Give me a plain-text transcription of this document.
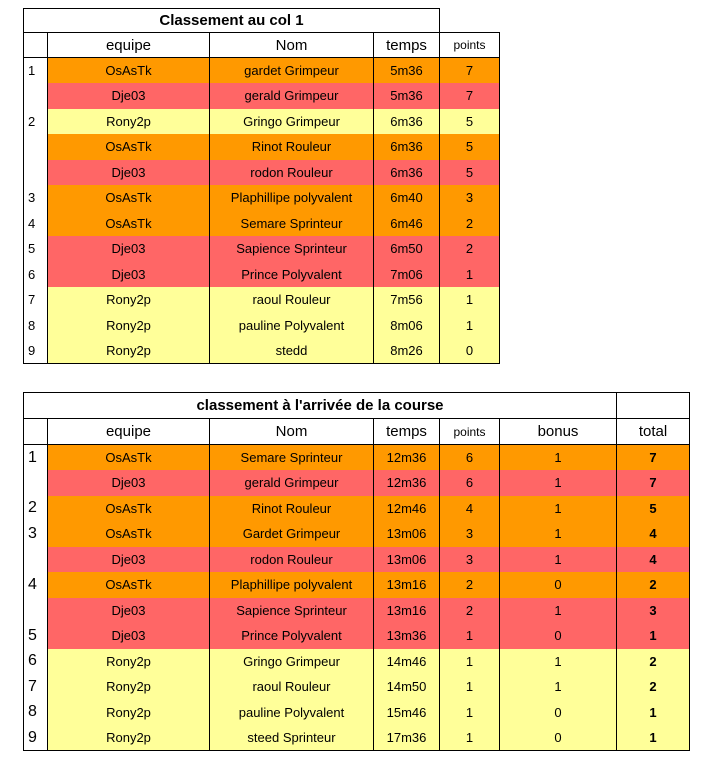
Classement au col 1				
	equipe	Nom	temps	points
1	OsAsTk	gardet Grimpeur	5m36	7
	Dje03	gerald Grimpeur	5m36	7
2	Rony2p	Gringo Grimpeur	6m36	5
	OsAsTk	Rinot Rouleur	6m36	5
	Dje03	rodon Rouleur	6m36	5
3	OsAsTk	Plaphillipe polyvalent	6m40	3
4	OsAsTk	Semare Sprinteur	6m46	2
5	Dje03	Sapience Sprinteur	6m50	2
6	Dje03	Prince Polyvalent	7m06	1
7	Rony2p	raoul Rouleur	7m56	1
8	Rony2p	pauline Polyvalent	8m06	1
9	Rony2p	stedd	8m26	0
classement à l'arrivée de la course						
	equipe	Nom	temps	points	bonus	total
1	OsAsTk	Semare Sprinteur	12m36	6	1	7
	Dje03	gerald Grimpeur	12m36	6	1	7
2	OsAsTk	Rinot Rouleur	12m46	4	1	5
3	OsAsTk	Gardet Grimpeur	13m06	3	1	4
	Dje03	rodon Rouleur	13m06	3	1	4
4	OsAsTk	Plaphillipe polyvalent	13m16	2	0	2
	Dje03	Sapience Sprinteur	13m16	2	1	3
5	Dje03	Prince Polyvalent	13m36	1	0	1
6	Rony2p	Gringo Grimpeur	14m46	1	1	2
7	Rony2p	raoul Rouleur	14m50	1	1	2
8	Rony2p	pauline Polyvalent	15m46	1	0	1
9	Rony2p	steed Sprinteur	17m36	1	0	1
